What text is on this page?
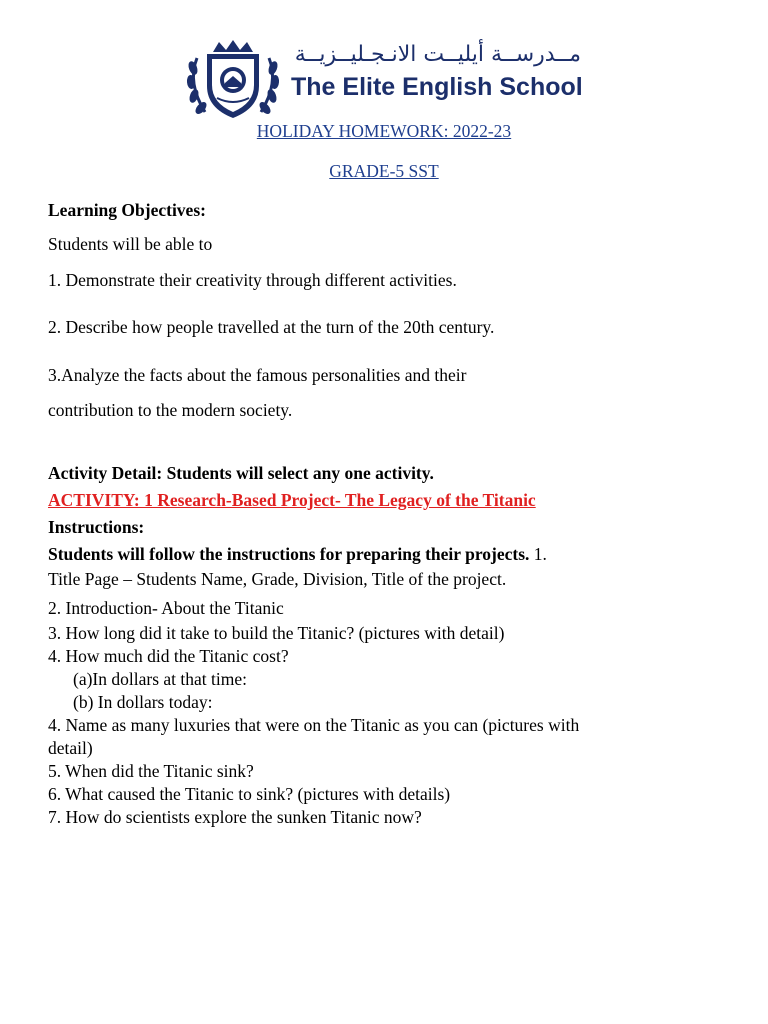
مــدرســة أيليــت الانـجـليــزيــة
The Elite English School
HOLIDAY HOMEWORK: 2022-23
GRADE-5 SST
Learning Objectives:
Students will be able to
1. Demonstrate their creativity through different activities.
2. Describe how people travelled at the turn of the 20th century.
3.Analyze the facts about the famous personalities and their
contribution to the modern society.
Activity Detail: Students will select any one activity.
ACTIVITY: 1 Research-Based Project- The Legacy of the Titanic
Instructions:
Students will follow the instructions for preparing their projects. 1.
Title Page – Students Name, Grade, Division, Title of the project.
2. Introduction- About the Titanic
3. How long did it take to build the Titanic? (pictures with detail)
4. How much did the Titanic cost?
(a)In dollars at that time:
(b) In dollars today:
4. Name as many luxuries that were on the Titanic as you can (pictures with
detail)
5. When did the Titanic sink?
6. What caused the Titanic to sink? (pictures with details)
7. How do scientists explore the sunken Titanic now?
